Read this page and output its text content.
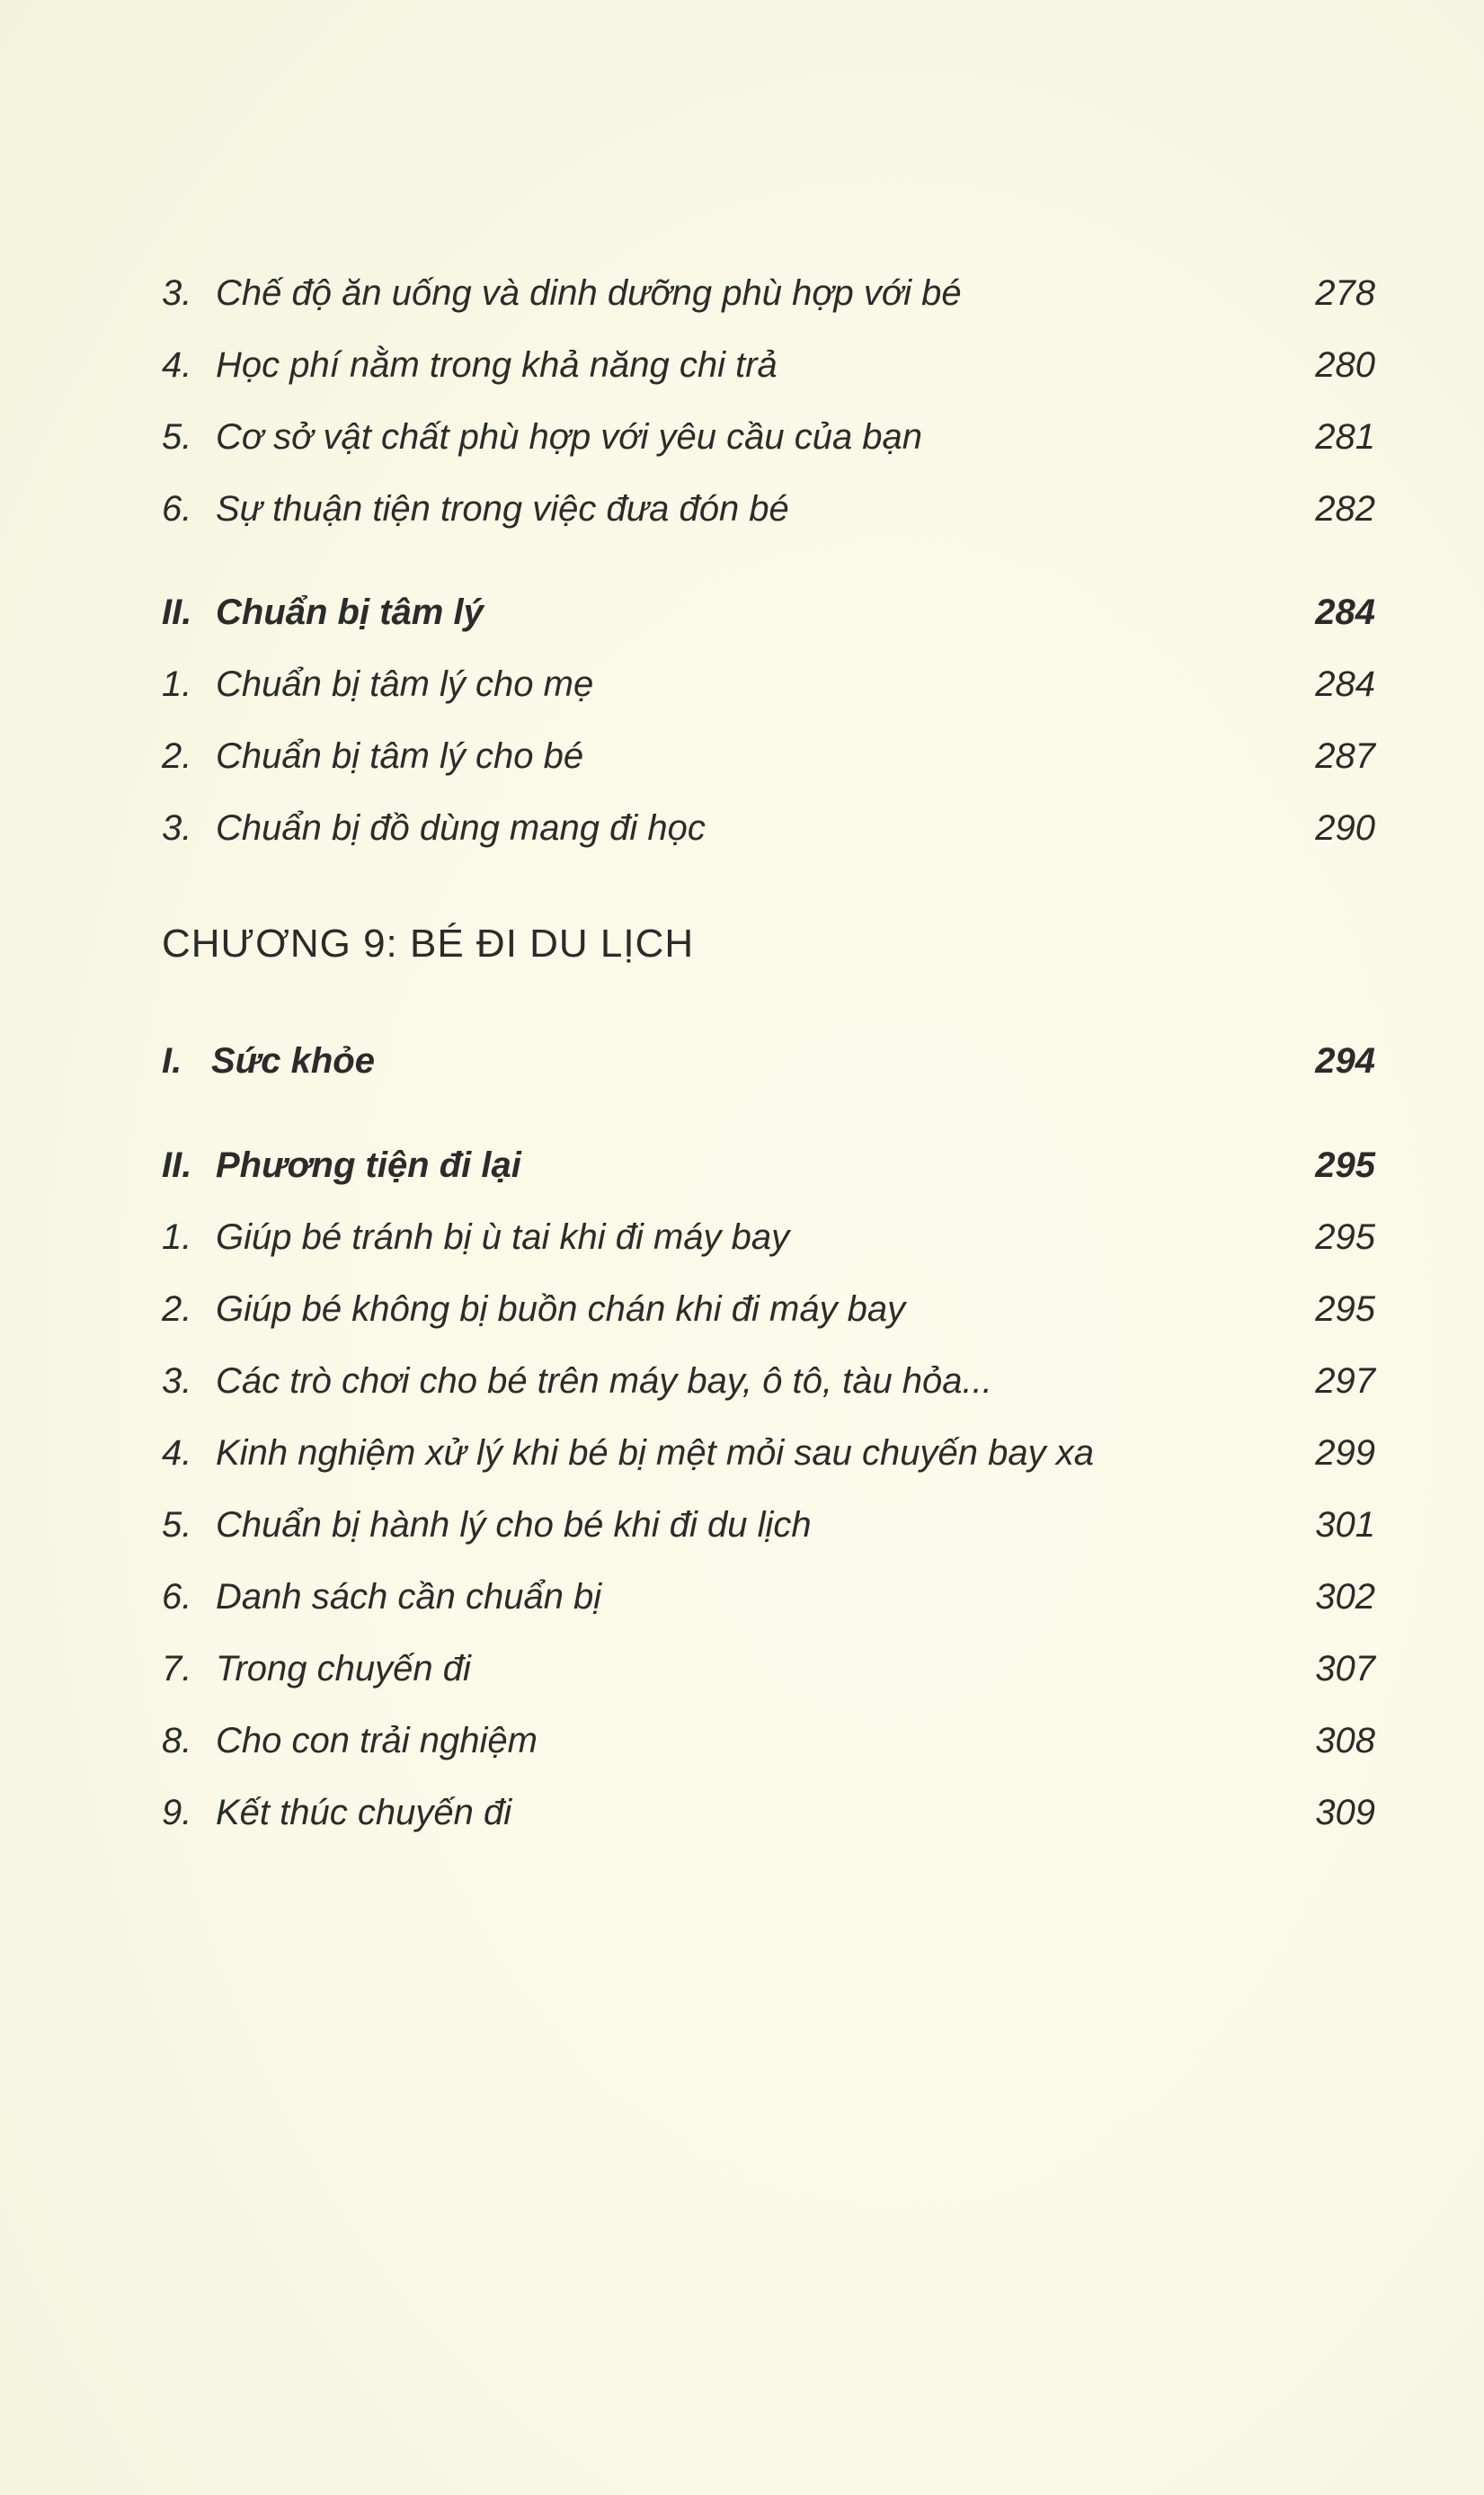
3. Chế độ ăn uống và dinh dưỡng phù hợp với bé	278
4. Học phí nằm trong khả năng chi trả	280
5. Cơ sở vật chất phù hợp với yêu cầu của bạn	281
6. Sự thuận tiện trong việc đưa đón bé	282
II. Chuẩn bị tâm lý	284
1. Chuẩn bị tâm lý cho mẹ	284
2. Chuẩn bị tâm lý cho bé	287
3. Chuẩn bị đồ dùng mang đi học	290
CHƯƠNG 9: BÉ ĐI DU LỊCH
I. Sức khỏe	294
II. Phương tiện đi lại	295
1. Giúp bé tránh bị ù tai khi đi máy bay	295
2. Giúp bé không bị buồn chán khi đi máy bay	295
3. Các trò chơi cho bé trên máy bay, ô tô, tàu hỏa...	297
4. Kinh nghiệm xử lý khi bé bị mệt mỏi sau chuyến bay xa	299
5. Chuẩn bị hành lý cho bé khi đi du lịch	301
6. Danh sách cần chuẩn bị	302
7. Trong chuyến đi	307
8. Cho con trải nghiệm	308
9. Kết thúc chuyến đi	309
